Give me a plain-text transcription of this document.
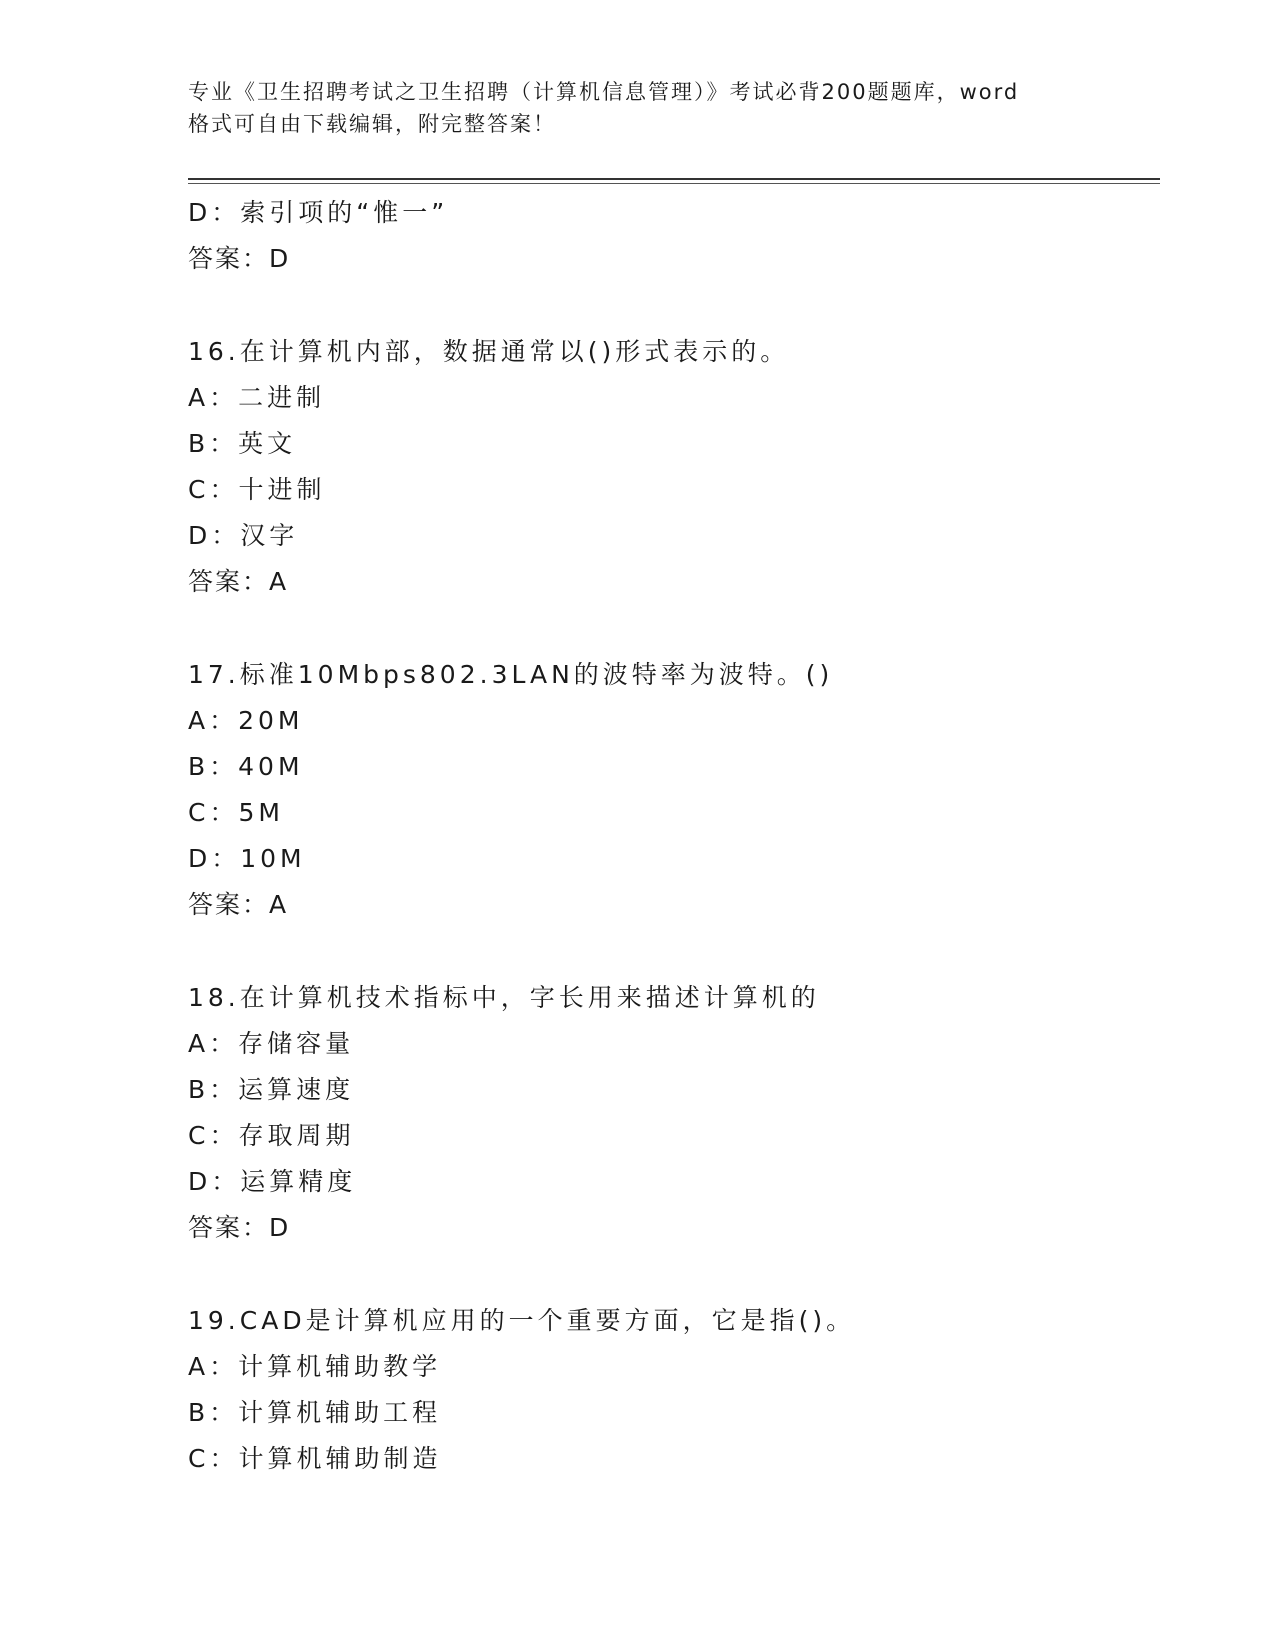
专业《卫生招聘考试之卫生招聘（计算机信息管理）》考试必背200题题库，word
格式可自由下载编辑，附完整答案！
D：索引项的“惟一”
答案：D
16.在计算机内部，数据通常以()形式表示的。
A：二进制
B：英文
C：十进制
D：汉字
答案：A
17.标准10Mbps802.3LAN的波特率为波特。()
A：20M
B：40M
C：5M
D：10M
答案：A
18.在计算机技术指标中，字长用来描述计算机的
A：存储容量
B：运算速度
C：存取周期
D：运算精度
答案：D
19.CAD是计算机应用的一个重要方面，它是指()。
A：计算机辅助教学
B：计算机辅助工程
C：计算机辅助制造
